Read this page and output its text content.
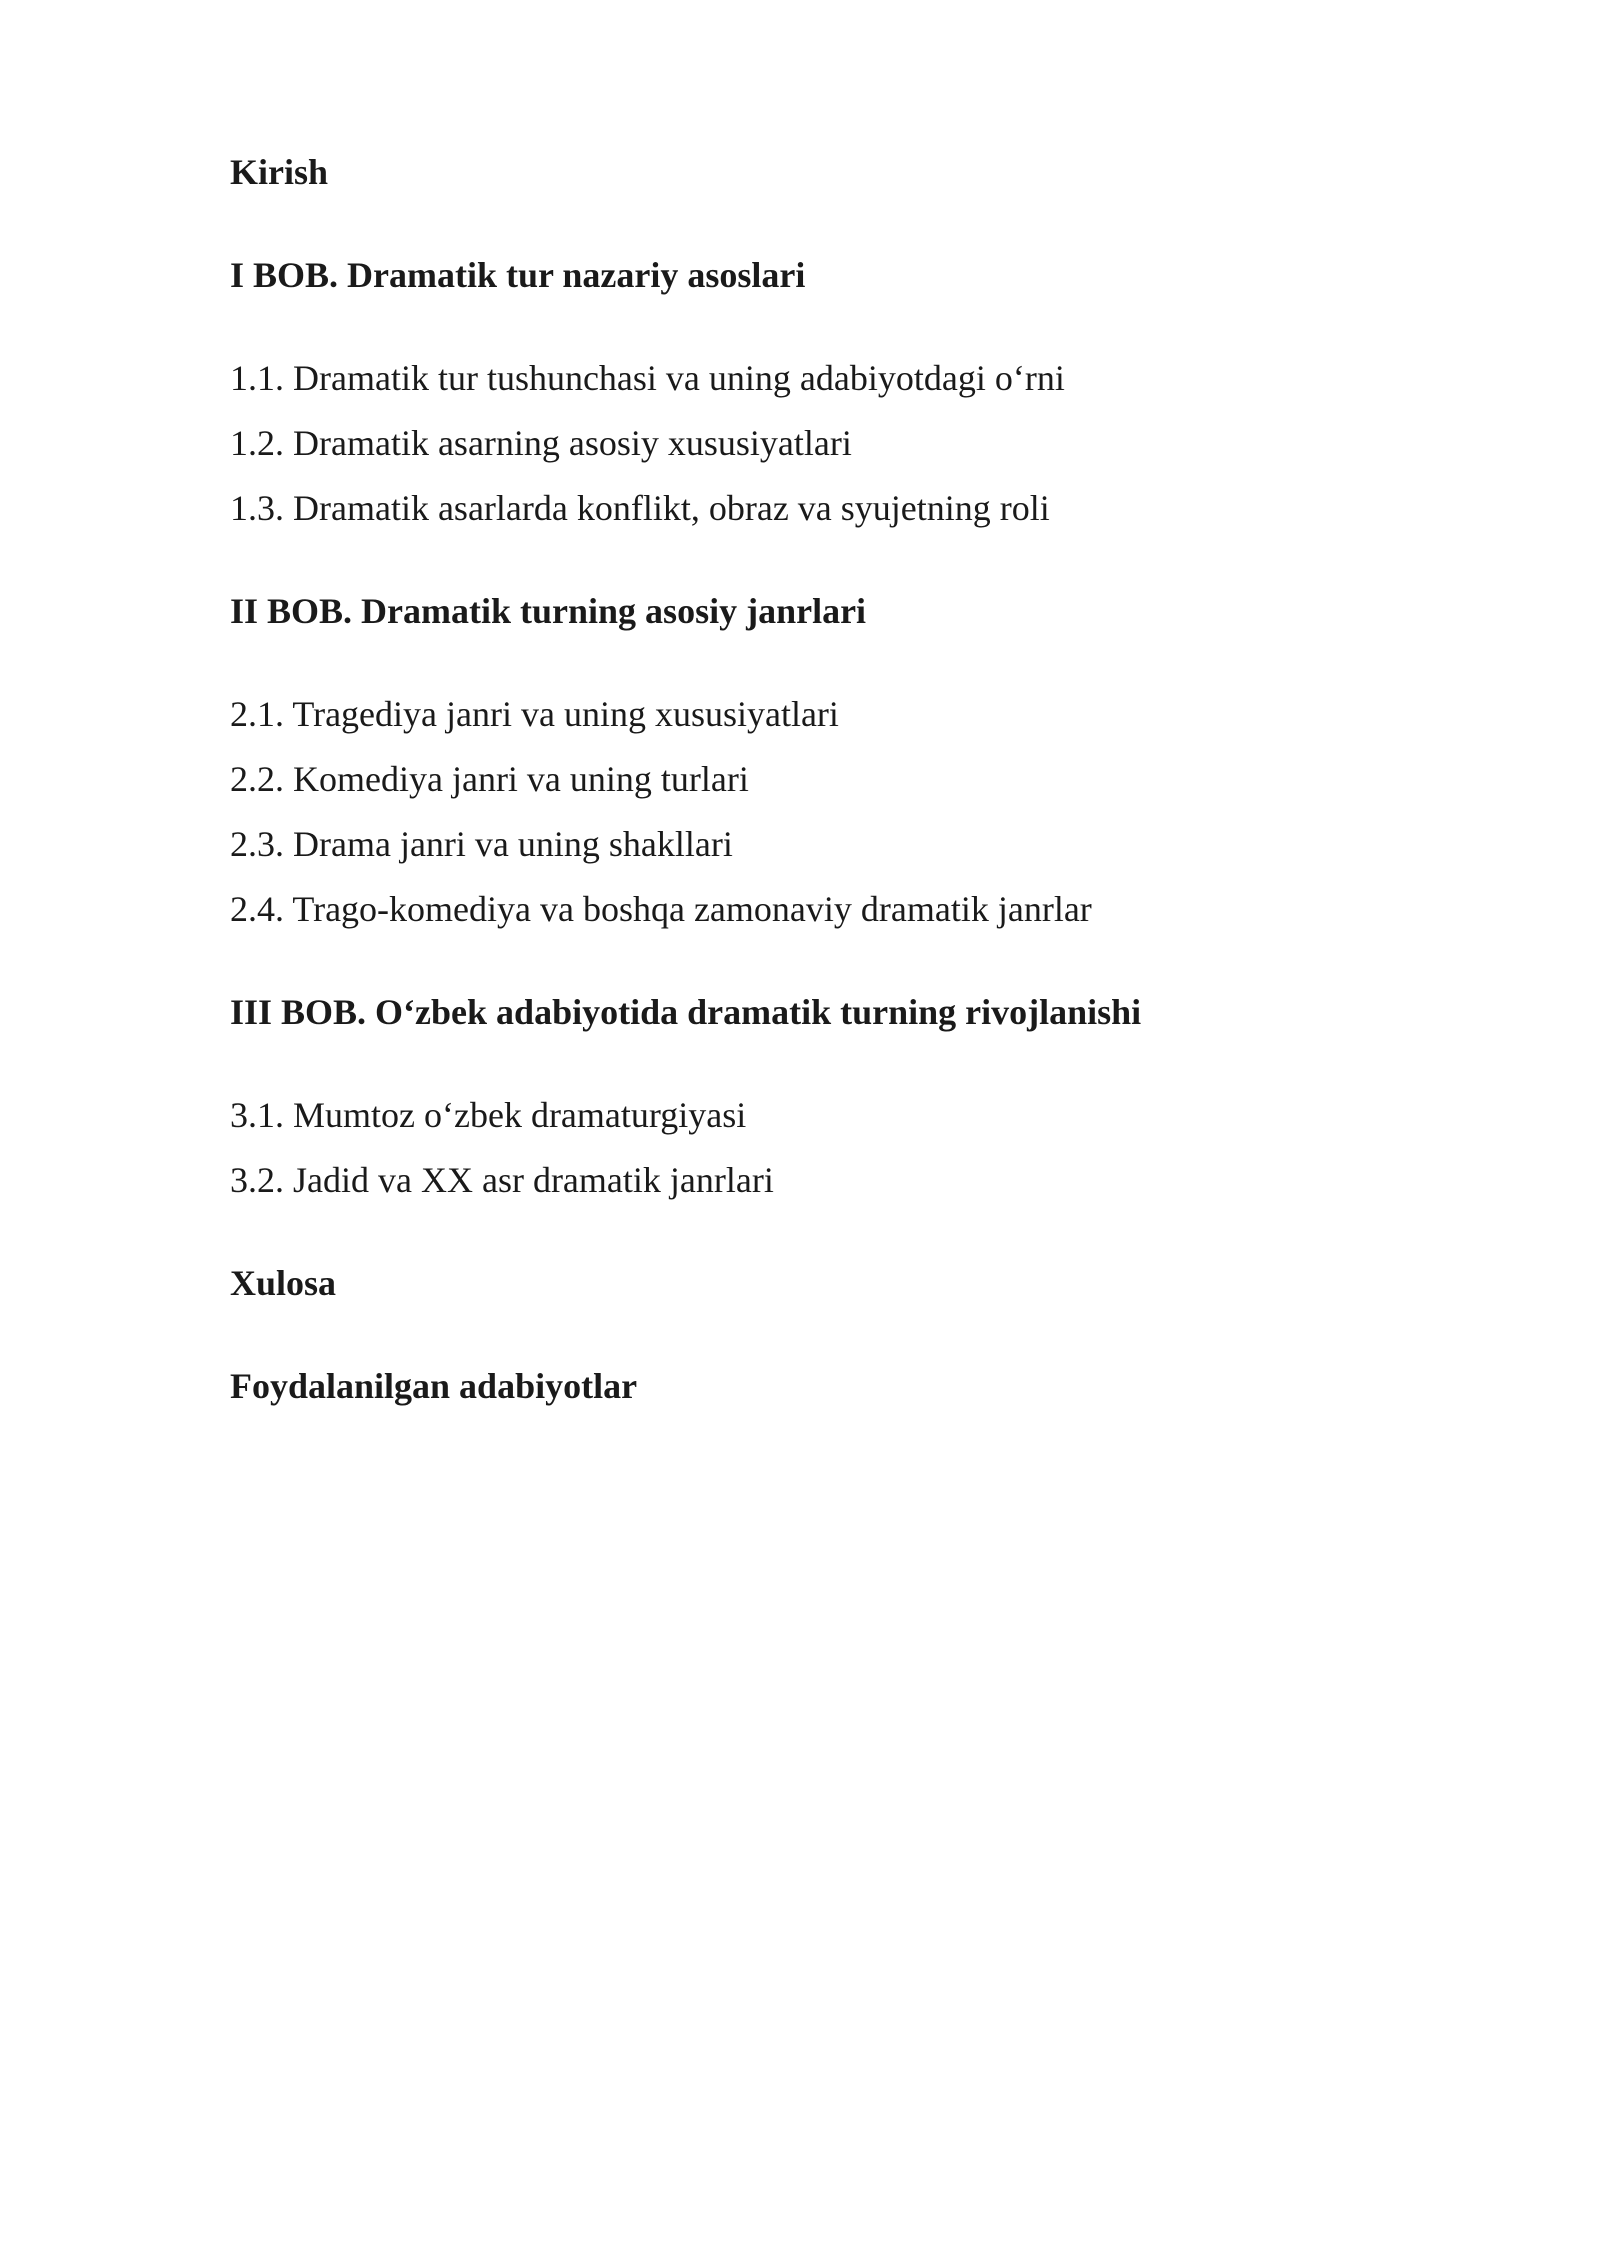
Kirish
I BOB. Dramatik tur nazariy asoslari
1.1. Dramatik tur tushunchasi va uning adabiyotdagi o‘rni
1.2. Dramatik asarning asosiy xususiyatlari
1.3. Dramatik asarlarda konflikt, obraz va syujetning roli
II BOB. Dramatik turning asosiy janrlari
2.1. Tragediya janri va uning xususiyatlari
2.2. Komediya janri va uning turlari
2.3. Drama janri va uning shakllari
2.4. Trago-komediya va boshqa zamonaviy dramatik janrlar
III BOB. O‘zbek adabiyotida dramatik turning rivojlanishi
3.1. Mumtoz o‘zbek dramaturgiyasi
3.2. Jadid va XX asr dramatik janrlari
Xulosa
Foydalanilgan adabiyotlar
